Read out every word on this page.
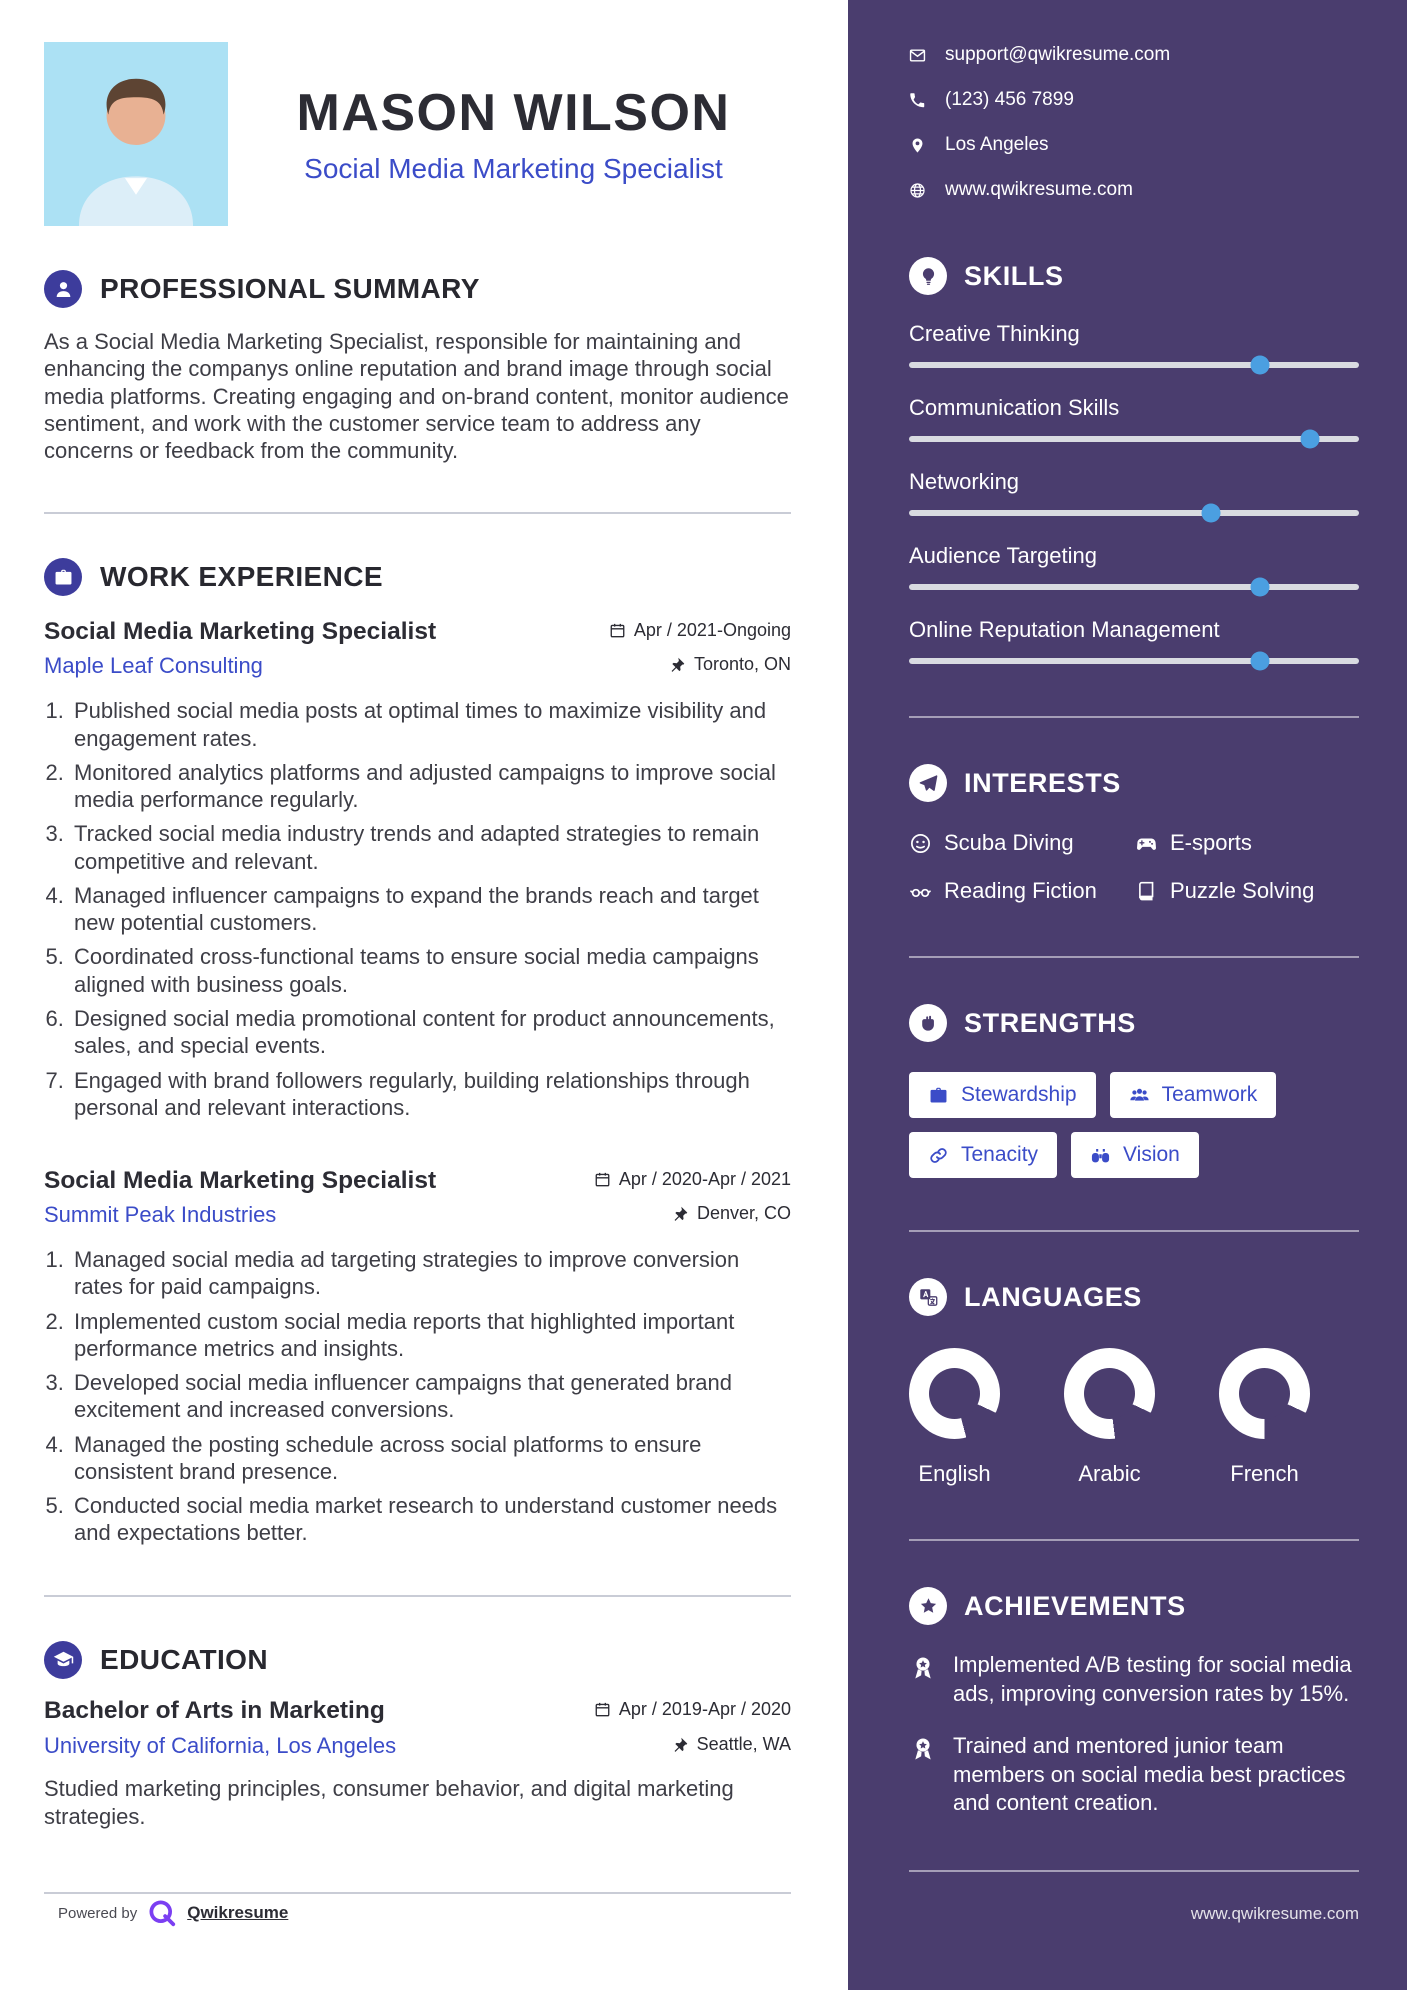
MASON WILSON
Social Media Marketing Specialist
PROFESSIONAL SUMMARY

As a Social Media Marketing Specialist, responsible for maintaining and enhancing the companys online reputation and brand image through social media platforms. Creating engaging and on-brand content, monitor audience sentiment, and work with the customer service team to address any concerns or feedback from the community.

WORK EXPERIENCE
Social Media Marketing Specialist	Apr / 2021-Ongoing
Maple Leaf Consulting	Toronto, ON
1. Published social media posts at optimal times to maximize visibility and engagement rates.
2. Monitored analytics platforms and adjusted campaigns to improve social media performance regularly.
3. Tracked social media industry trends and adapted strategies to remain competitive and relevant.
4. Managed influencer campaigns to expand the brands reach and target new potential customers.
5. Coordinated cross-functional teams to ensure social media campaigns aligned with business goals.
6. Designed social media promotional content for product announcements, sales, and special events.
7. Engaged with brand followers regularly, building relationships through personal and relevant interactions.
Social Media Marketing Specialist	Apr / 2020-Apr / 2021
Summit Peak Industries	Denver, CO
1. Managed social media ad targeting strategies to improve conversion rates for paid campaigns.
2. Implemented custom social media reports that highlighted important performance metrics and insights.
3. Developed social media influencer campaigns that generated brand excitement and increased conversions.
4. Managed the posting schedule across social platforms to ensure consistent brand presence.
5. Conducted social media market research to understand customer needs and expectations better.
EDUCATION
Bachelor of Arts in Marketing	Apr / 2019-Apr / 2020
University of California, Los Angeles	Seattle, WA

Studied marketing principles, consumer behavior, and digital marketing strategies.

Powered by	Qwikresume
support@qwikresume.com
(123) 456 7899
Los Angeles
www.qwikresume.com
SKILLS
Creative Thinking
Communication Skills
Networking
Audience Targeting
Online Reputation Management
INTERESTS
Scuba Diving	E-sports
Reading Fiction	Puzzle Solving
STRENGTHS
Stewardship	Teamwork
Tenacity	Vision
LANGUAGES
English	Arabic	French
ACHIEVEMENTS

Implemented A/B testing for social media ads, improving conversion rates by 15%.

Trained and mentored junior team members on social media best practices and content creation.

www.qwikresume.com
